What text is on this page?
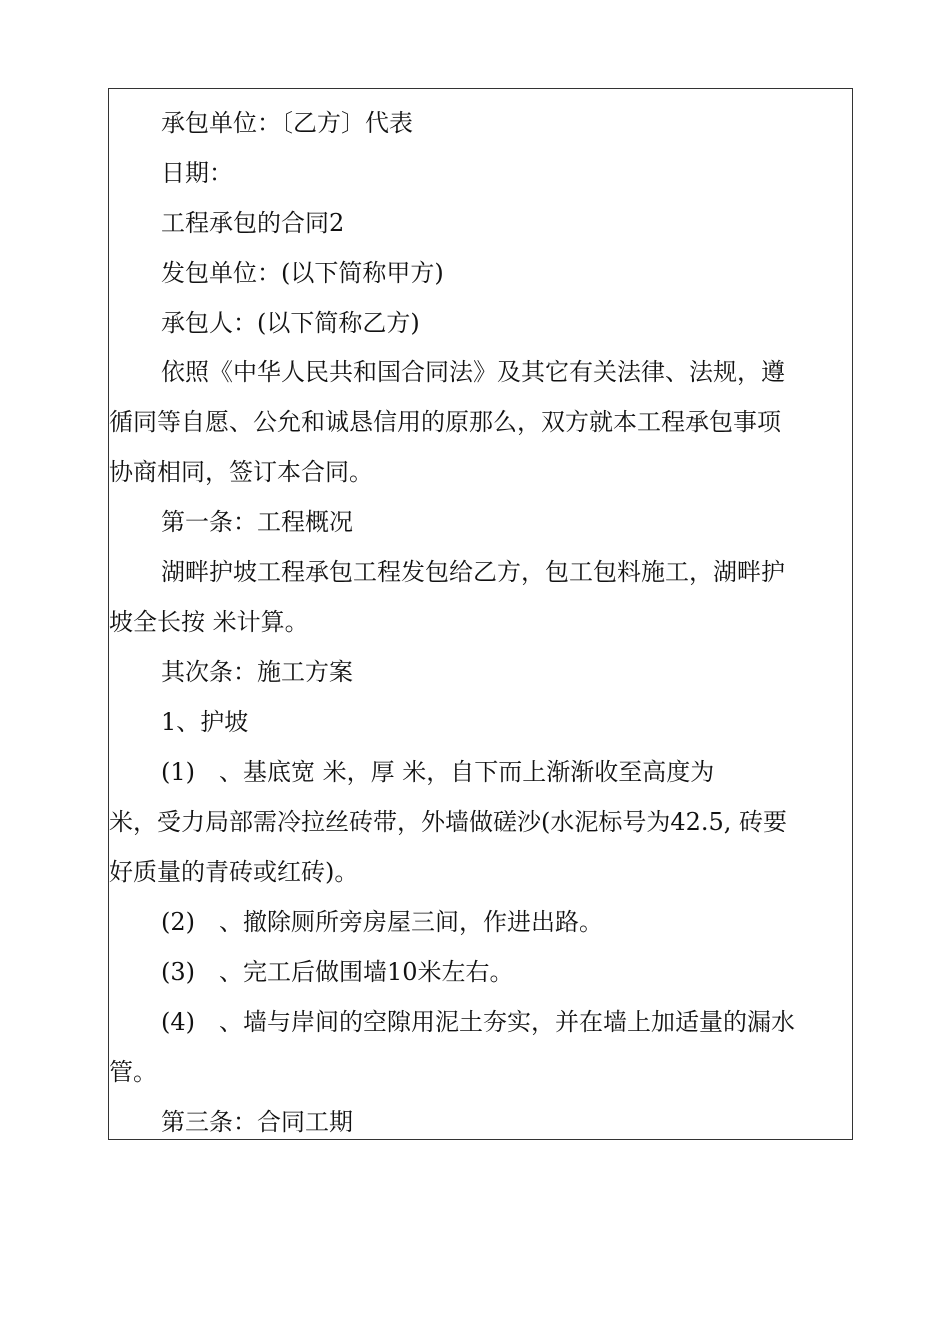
承包单位：〔乙方〕代表
日期：
工程承包的合同2
发包单位：(以下简称甲方)
承包人：(以下简称乙方)
依照《中华人民共和国合同法》及其它有关法律、法规，遵
循同等自愿、公允和诚恳信用的原那么，双方就本工程承包事项
协商相同，签订本合同。
第一条：工程概况
湖畔护坡工程承包工程发包给乙方，包工包料施工，湖畔护
坡全长按 米计算。
其次条：施工方案
1、护坡
(1)　、基底宽 米，厚 米，自下而上渐渐收至高度为
米，受力局部需冷拉丝砖带，外墙做磋沙(水泥标号为42.5, 砖要
好质量的青砖或红砖)。
(2)　、撤除厕所旁房屋三间，作进出路。
(3)　、完工后做围墙10米左右。
(4)　、墙与岸间的空隙用泥土夯实，并在墙上加适量的漏水
管。
第三条：合同工期
